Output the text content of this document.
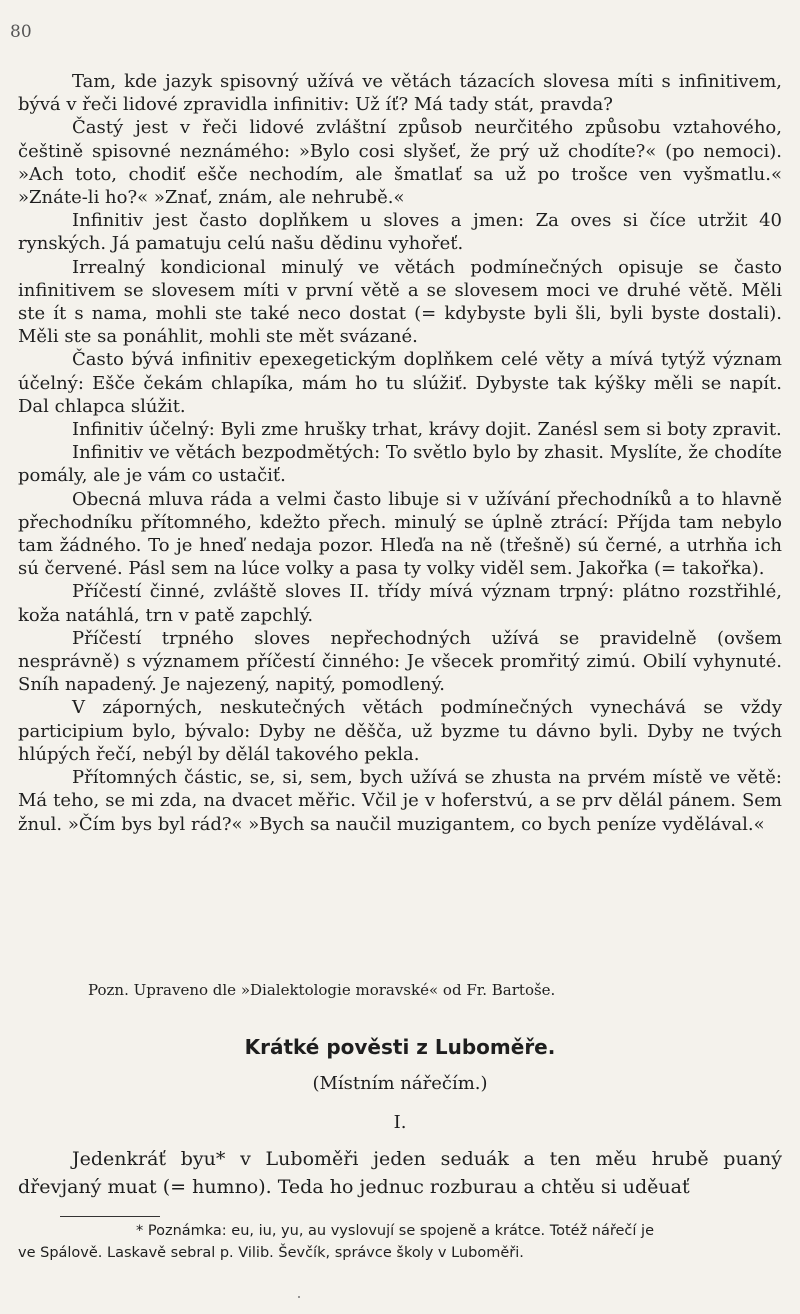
80

Tam, kde jazyk spisovný užívá ve větách tázacích slovesa míti s infinitivem, bývá v řeči lidové zpravidla infinitiv: Už íť? Má tady stát, pravda?

Častý jest v řeči lidové zvláštní způsob neurčitého způsobu vztahového, češtině spisovné neznámého: »Bylo cosi slyšeť, že prý už chodíte?« (po nemoci). »Ach toto, chodiť ešče nechodím, ale šmatlať sa už po trošce ven vyšmatlu.« »Znáte-li ho?« »Znať, znám, ale nehrubě.«

Infinitiv jest často doplňkem u sloves a jmen: Za oves si číce utržit 40 rynských. Já pamatuju celú našu dědinu vyhořeť.

Irrealný kondicional minulý ve větách podmínečných opisuje se často infinitivem se slovesem míti v první větě a se slovesem moci ve druhé větě. Měli ste ít s nama, mohli ste také neco dostat (= kdybyste byli šli, byli byste dostali). Měli ste sa ponáhlit, mohli ste mět svázané.

Často bývá infinitiv epexegetickým doplňkem celé věty a mívá tytýž význam účelný: Ešče čekám chlapíka, mám ho tu slúžiť. Dybyste tak kýšky měli se napít. Dal chlapca slúžit.

Infinitiv účelný: Byli zme hrušky trhat, krávy dojit. Zanésl sem si boty zpravit.

Infinitiv ve větách bezpodmětých: To světlo bylo by zhasit. Myslíte, že chodíte pomály, ale je vám co ustačiť.

Obecná mluva ráda a velmi často libuje si v užívání přechodníků a to hlavně přechodníku přítomného, kdežto přech. minulý se úplně ztrácí: Příjda tam nebylo tam žádného. To je hneď nedaja pozor. Hleďa na ně (třešně) sú černé, a utrhňa ich sú červené. Pásl sem na lúce volky a pasa ty volky viděl sem. Jakořka (= takořka).

Příčestí činné, zvláště sloves II. třídy mívá význam trpný: plátno rozstřihlé, koža natáhlá, trn v patě zapchlý.

Příčestí trpného sloves nepřechodných užívá se pravidelně (ovšem nesprávně) s významem příčestí činného: Je všecek promřitý zimú. Obilí vyhynuté. Sníh napadený. Je najezený, napitý, pomodlený.

V záporných, neskutečných větách podmínečných vynechává se vždy participium bylo, bývalo: Dyby ne děšča, už byzme tu dávno byli. Dyby ne tvých hlúpých řečí, nebýl by dělál takového pekla.

Přítomných částic, se, si, sem, bych užívá se zhusta na prvém místě ve větě: Má teho, se mi zda, na dvacet měřic. Včil je v hoferstvú, a se prv dělál pánem. Sem žnul. »Čím bys byl rád?« »Bych sa naučil muzigantem, co bych peníze vydělával.«

Pozn. Upraveno dle »Dialektologie moravské« od Fr. Bartoše.
Krátké pověsti z Luboměře.
(Místním nářečím.)
I.

Jedenkráť byu* v Luboměři jeden seduák a ten měu hrubě puaný dřevjaný muat (= humno). Teda ho jednuc rozburau a chtěu si uděuať

* Poznámka: eu, iu, yu, au vyslovují se spojeně a krátce. Totéž nářečí je
ve Spálově. Laskavě sebral p. Vilib. Ševčík, správce školy v Luboměři.
